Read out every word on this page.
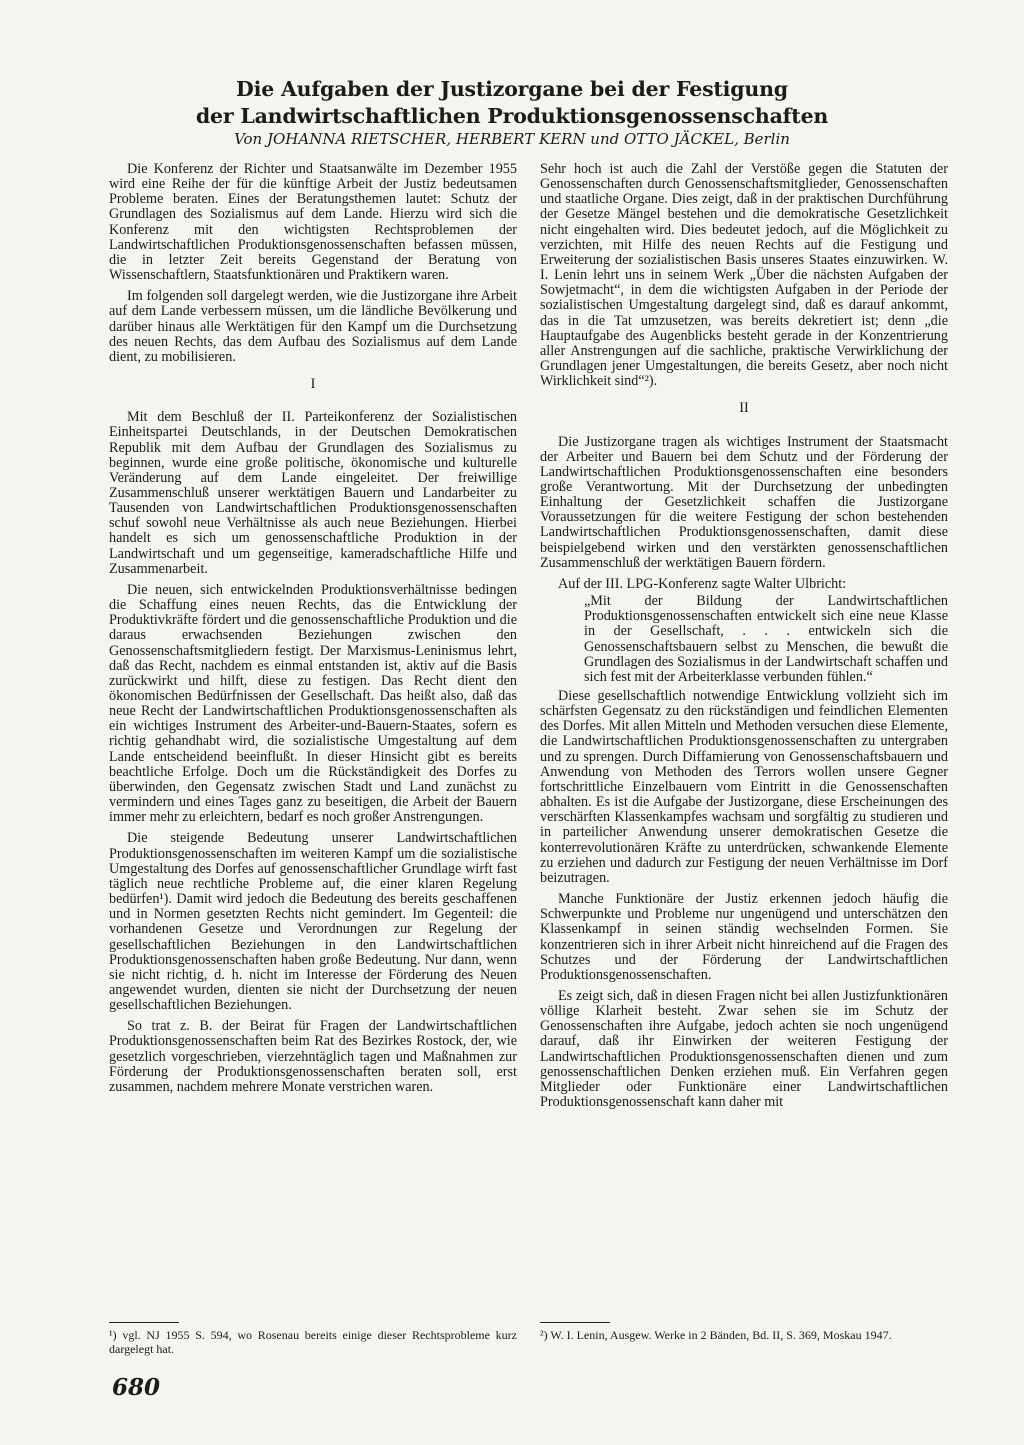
Die Aufgaben der Justizorgane bei der Festigung
der Landwirtschaftlichen Produktionsgenossenschaften
Von JOHANNA RIETSCHER, HERBERT KERN und OTTO JÄCKEL, Berlin

Die Konferenz der Richter und Staatsanwälte im Dezember 1955 wird eine Reihe der für die künftige Arbeit der Justiz bedeutsamen Probleme beraten. Eines der Beratungsthemen lautet: Schutz der Grundlagen des Sozialismus auf dem Lande. Hierzu wird sich die Konferenz mit den wichtigsten Rechtsproblemen der Landwirtschaftlichen Produktionsgenossenschaften befassen müssen, die in letzter Zeit bereits Gegenstand der Beratung von Wissenschaftlern, Staatsfunktionären und Praktikern waren.

Im folgenden soll dargelegt werden, wie die Justizorgane ihre Arbeit auf dem Lande verbessern müssen, um die ländliche Bevölkerung und darüber hinaus alle Werktätigen für den Kampf um die Durchsetzung des neuen Rechts, das dem Aufbau des Sozialismus auf dem Lande dient, zu mobilisieren.

I

Mit dem Beschluß der II. Parteikonferenz der Sozialistischen Einheitspartei Deutschlands, in der Deutschen Demokratischen Republik mit dem Aufbau der Grundlagen des Sozialismus zu beginnen, wurde eine große politische, ökonomische und kulturelle Veränderung auf dem Lande eingeleitet. Der freiwillige Zusammenschluß unserer werktätigen Bauern und Landarbeiter zu Tausenden von Landwirtschaftlichen Produktionsgenossenschaften schuf sowohl neue Verhältnisse als auch neue Beziehungen. Hierbei handelt es sich um genossenschaftliche Produktion in der Landwirtschaft und um gegenseitige, kameradschaftliche Hilfe und Zusammenarbeit.

Die neuen, sich entwickelnden Produktionsverhältnisse bedingen die Schaffung eines neuen Rechts, das die Entwicklung der Produktivkräfte fördert und die genossenschaftliche Produktion und die daraus erwachsenden Beziehungen zwischen den Genossenschaftsmitgliedern festigt. Der Marxismus-Leninismus lehrt, daß das Recht, nachdem es einmal entstanden ist, aktiv auf die Basis zurückwirkt und hilft, diese zu festigen. Das Recht dient den ökonomischen Bedürfnissen der Gesellschaft. Das heißt also, daß das neue Recht der Landwirtschaftlichen Produktionsgenossenschaften als ein wichtiges Instrument des Arbeiter-und-Bauern-Staates, sofern es richtig gehandhabt wird, die sozialistische Umgestaltung auf dem Lande entscheidend beeinflußt. In dieser Hinsicht gibt es bereits beachtliche Erfolge. Doch um die Rückständigkeit des Dorfes zu überwinden, den Gegensatz zwischen Stadt und Land zunächst zu vermindern und eines Tages ganz zu beseitigen, die Arbeit der Bauern immer mehr zu erleichtern, bedarf es noch großer Anstrengungen.

Die steigende Bedeutung unserer Landwirtschaftlichen Produktionsgenossenschaften im weiteren Kampf um die sozialistische Umgestaltung des Dorfes auf genossenschaftlicher Grundlage wirft fast täglich neue rechtliche Probleme auf, die einer klaren Regelung bedürfen¹). Damit wird jedoch die Bedeutung des bereits geschaffenen und in Normen gesetzten Rechts nicht gemindert. Im Gegenteil: die vorhandenen Gesetze und Verordnungen zur Regelung der gesellschaftlichen Beziehungen in den Landwirtschaftlichen Produktionsgenossenschaften haben große Bedeutung. Nur dann, wenn sie nicht richtig, d. h. nicht im Interesse der Förderung des Neuen angewendet wurden, dienten sie nicht der Durchsetzung der neuen gesellschaftlichen Beziehungen.

So trat z. B. der Beirat für Fragen der Landwirtschaftlichen Produktionsgenossenschaften beim Rat des Bezirkes Rostock, der, wie gesetzlich vorgeschrieben, vierzehntäglich tagen und Maßnahmen zur Förderung der Produktionsgenossenschaften beraten soll, erst zusammen, nachdem mehrere Monate verstrichen waren.

Sehr hoch ist auch die Zahl der Verstöße gegen die Statuten der Genossenschaften durch Genossenschaftsmitglieder, Genossenschaften und staatliche Organe. Dies zeigt, daß in der praktischen Durchführung der Gesetze Mängel bestehen und die demokratische Gesetzlichkeit nicht eingehalten wird. Dies bedeutet jedoch, auf die Möglichkeit zu verzichten, mit Hilfe des neuen Rechts auf die Festigung und Erweiterung der sozialistischen Basis unseres Staates einzuwirken. W. I. Lenin lehrt uns in seinem Werk „Über die nächsten Aufgaben der Sowjetmacht“, in dem die wichtigsten Aufgaben in der Periode der sozialistischen Umgestaltung dargelegt sind, daß es darauf ankommt, das in die Tat umzusetzen, was bereits dekretiert ist; denn „die Hauptaufgabe des Augenblicks besteht gerade in der Konzentrierung aller Anstrengungen auf die sachliche, praktische Verwirklichung der Grundlagen jener Umgestaltungen, die bereits Gesetz, aber noch nicht Wirklichkeit sind“²).

II

Die Justizorgane tragen als wichtiges Instrument der Staatsmacht der Arbeiter und Bauern bei dem Schutz und der Förderung der Landwirtschaftlichen Produktionsgenossenschaften eine besonders große Verantwortung. Mit der Durchsetzung der unbedingten Einhaltung der Gesetzlichkeit schaffen die Justizorgane Voraussetzungen für die weitere Festigung der schon bestehenden Landwirtschaftlichen Produktionsgenossenschaften, damit diese beispielgebend wirken und den verstärkten genossenschaftlichen Zusammenschluß der werktätigen Bauern fördern.

Auf der III. LPG-Konferenz sagte Walter Ulbricht:

„Mit der Bildung der Landwirtschaftlichen Produktionsgenossenschaften entwickelt sich eine neue Klasse in der Gesellschaft, . . . entwickeln sich die Genossenschaftsbauern selbst zu Menschen, die bewußt die Grundlagen des Sozialismus in der Landwirtschaft schaffen und sich fest mit der Arbeiterklasse verbunden fühlen.“

Diese gesellschaftlich notwendige Entwicklung vollzieht sich im schärfsten Gegensatz zu den rückständigen und feindlichen Elementen des Dorfes. Mit allen Mitteln und Methoden versuchen diese Elemente, die Landwirtschaftlichen Produktionsgenossenschaften zu untergraben und zu sprengen. Durch Diffamierung von Genossenschaftsbauern und Anwendung von Methoden des Terrors wollen unsere Gegner fortschrittliche Einzelbauern vom Eintritt in die Genossenschaften abhalten. Es ist die Aufgabe der Justizorgane, diese Erscheinungen des verschärften Klassenkampfes wachsam und sorgfältig zu studieren und in parteilicher Anwendung unserer demokratischen Gesetze die konterrevolutionären Kräfte zu unterdrücken, schwankende Elemente zu erziehen und dadurch zur Festigung der neuen Verhältnisse im Dorf beizutragen.

Manche Funktionäre der Justiz erkennen jedoch häufig die Schwerpunkte und Probleme nur ungenügend und unterschätzen den Klassenkampf in seinen ständig wechselnden Formen. Sie konzentrieren sich in ihrer Arbeit nicht hinreichend auf die Fragen des Schutzes und der Förderung der Landwirtschaftlichen Produktionsgenossenschaften.

Es zeigt sich, daß in diesen Fragen nicht bei allen Justizfunktionären völlige Klarheit besteht. Zwar sehen sie im Schutz der Genossenschaften ihre Aufgabe, jedoch achten sie noch ungenügend darauf, daß ihr Einwirken der weiteren Festigung der Landwirtschaftlichen Produktionsgenossenschaften dienen und zum genossenschaftlichen Denken erziehen muß. Ein Verfahren gegen Mitglieder oder Funktionäre einer Landwirtschaftlichen Produktionsgenossenschaft kann daher mit

¹) vgl. NJ 1955 S. 594, wo Rosenau bereits einige dieser Rechtsprobleme kurz dargelegt hat.
²) W. I. Lenin, Ausgew. Werke in 2 Bänden, Bd. II, S. 369, Moskau 1947.
680
